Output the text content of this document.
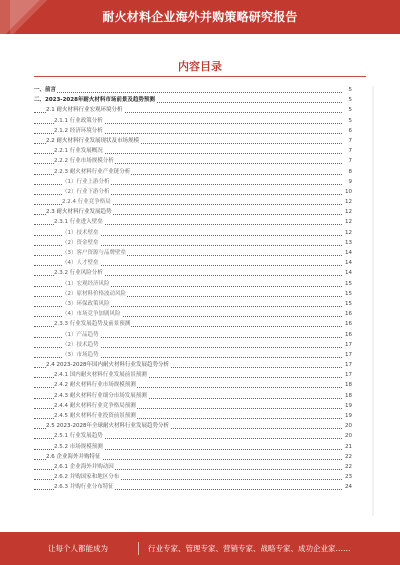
耐火材料企业海外并购策略研究报告
内容目录
一、前言	5
二、2023-2028年耐火材料市场前景及趋势预测	5
2.1 耐火材料行业宏观环境分析	5
2.1.1 行业政策分析	5
2.1.2 经济环境分析	6
2.2 耐火材料行业发展现状及市场规模	7
2.2.1 行业发展概况	7
2.2.2 行业市场规模分析	7
2.2.3 耐火材料行业产业链分析	8
（1）行业上游分析	9
（2）行业下游分析	10
2.2.4 行业竞争格局	12
2.3 耐火材料行业发展趋势	12
2.3.1 行业进入壁垒	12
（1）技术壁垒	12
（2）资金壁垒	13
（3）客户资源与品牌壁垒	14
（4）人才壁垒	14
2.3.2 行业风险分析	14
（1）宏观经济风险	15
（2）原材料价格波动风险	15
（3）环保政策风险	15
（4）市场竞争加剧风险	16
2.3.3 行业发展趋势及前景预测	16
（1）产品趋势	16
（2）技术趋势	17
（3）市场趋势	17
2.4 2023-2028年国内耐火材料行业发展趋势分析	17
2.4.1 国内耐火材料行业发展前景预测	17
2.4.2 耐火材料行业市场规模预测	18
2.4.3 耐火材料行业细分市场发展预测	18
2.4.4 耐火材料行业竞争格局预测	19
2.4.5 耐火材料行业投资前景预测	19
2.5 2023-2028年全球耐火材料行业发展趋势分析	20
2.5.1 行业发展趋势	20
2.5.2 市场规模预测	21
2.6 企业海外并购特征	22
2.6.1 企业海外并购动因	22
2.6.2 并购国家和地区分布	23
2.6.3 并购行业分布特征	24
让每个人都能成为	行业专家、管理专家、营销专家、战略专家、成功企业家……
